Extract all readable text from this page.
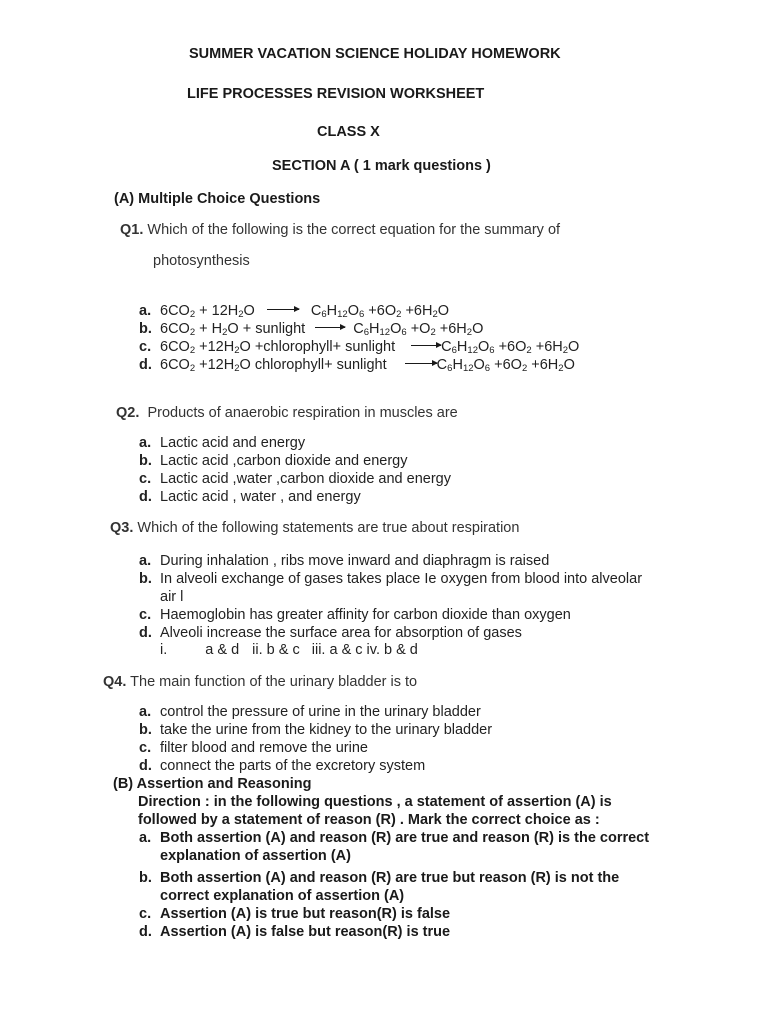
SUMMER VACATION SCIENCE HOLIDAY HOMEWORK
LIFE PROCESSES REVISION WORKSHEET
CLASS X
SECTION A ( 1 mark questions )
(A) Multiple Choice Questions
Q1. Which of the following is the correct equation for the summary of
photosynthesis
a. $6CO_2 + 12H_2O$	$C_6H_{12}O_6 +6O_2 +6H_2O$
b. $6CO_2 + H_2O$ + sunlight	$C_6H_{12}O_6 +O_2 +6H_2O$
c. $6CO_2 +12H_2O$ +chlorophyll+ sunlight	$C_6H_{12}O_6 +6O_2 +6H_2O$
d. $6CO_2 +12H_2O$ chlorophyll+ sunlight	$C_6H_{12}O_6 +6O_2 +6H_2O$
Q2. Products of anaerobic respiration in muscles are
a. Lactic acid and energy
b. Lactic acid ,carbon dioxide and energy
c. Lactic acid ,water ,carbon dioxide and energy
d. Lactic acid , water , and energy
Q3. Which of the following statements are true about respiration
a. During inhalation , ribs move inward and diaphragm is raised
b. In alveoli exchange of gases takes place Ie oxygen from blood into alveolar
air l
c. Haemoglobin has greater affinity for carbon dioxide than oxygen
d. Alveoli increase the surface area for absorption of gases
i.	a & d ii. b & c iii. a & c iv. b & d
Q4. The main function of the urinary bladder is to
a. control the pressure of urine in the urinary bladder
b. take the urine from the kidney to the urinary bladder
c. filter blood and remove the urine
d. connect the parts of the excretory system
(B) Assertion and Reasoning
Direction : in the following questions , a statement of assertion (A) is
followed by a statement of reason (R) . Mark the correct choice as :
a. Both assertion (A) and reason (R) are true and reason (R) is the correct
explanation of assertion (A)
b. Both assertion (A) and reason (R) are true but reason (R) is not the
correct explanation of assertion (A)
c. Assertion (A) is true but reason(R) is false
d. Assertion (A) is false but reason(R) is true
